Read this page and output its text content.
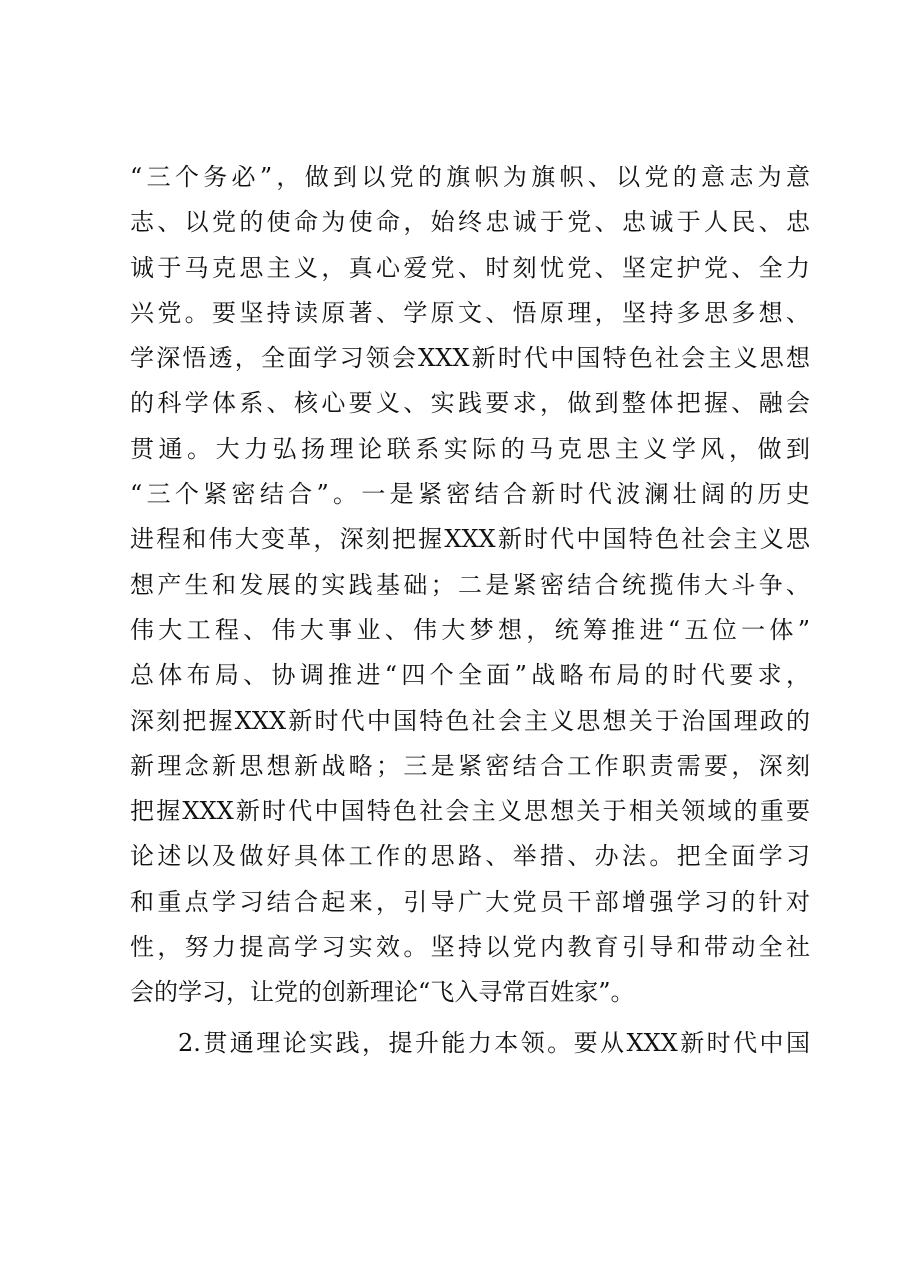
“三个务必”，做到以党的旗帜为旗帜、以党的意志为意
志、以党的使命为使命，始终忠诚于党、忠诚于人民、忠
诚于马克思主义，真心爱党、时刻忧党、坚定护党、全力
兴党。要坚持读原著、学原文、悟原理，坚持多思多想、
学深悟透，全面学习领会XXX新时代中国特色社会主义思想
的科学体系、核心要义、实践要求，做到整体把握、融会
贯通。大力弘扬理论联系实际的马克思主义学风，做到
“三个紧密结合”。一是紧密结合新时代波澜壮阔的历史
进程和伟大变革，深刻把握XXX新时代中国特色社会主义思
想产生和发展的实践基础；二是紧密结合统揽伟大斗争、
伟大工程、伟大事业、伟大梦想，统筹推进“五位一体”
总体布局、协调推进“四个全面”战略布局的时代要求，
深刻把握XXX新时代中国特色社会主义思想关于治国理政的
新理念新思想新战略；三是紧密结合工作职责需要，深刻
把握XXX新时代中国特色社会主义思想关于相关领域的重要
论述以及做好具体工作的思路、举措、办法。把全面学习
和重点学习结合起来，引导广大党员干部增强学习的针对
性，努力提高学习实效。坚持以党内教育引导和带动全社
会的学习，让党的创新理论“飞入寻常百姓家”。
2.贯通理论实践，提升能力本领。要从XXX新时代中国
